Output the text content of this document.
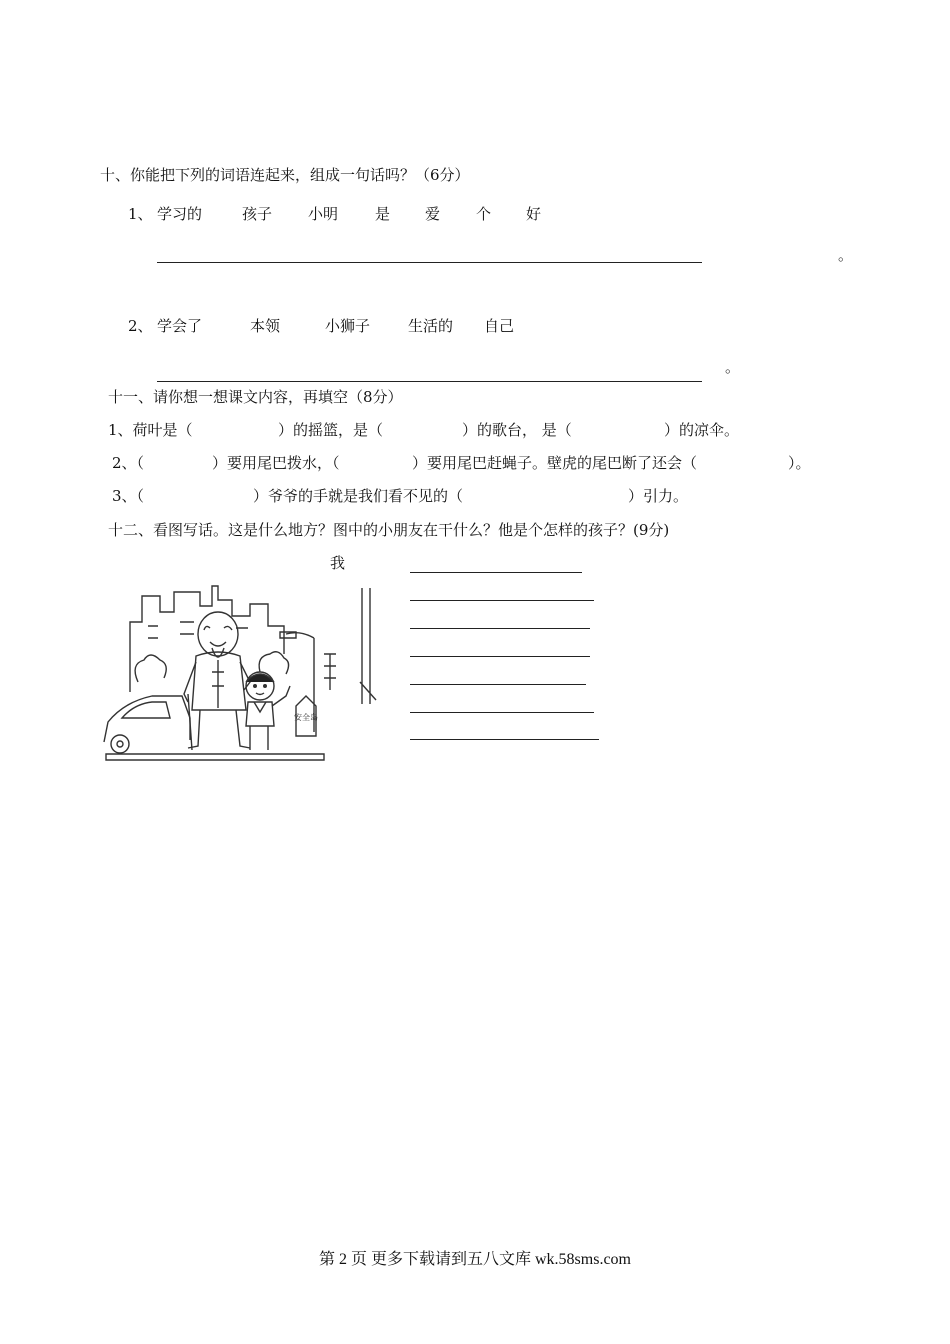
十、你能把下列的词语连起来，组成一句话吗？（6分）
1、 学习的	孩子 小明 是 爱 个 好
。
2、 学会了	本领	小狮子	生活的 自己
。
十一、请你想一想课文内容，再填空（8分）
1、荷叶是（	）的摇篮，是（	）的歌台， 是（	）的凉伞。
2、（	）要用尾巴拨水，（	）要用尾巴赶蝇子。壁虎的尾巴断了还会（	）。
3、（	）爷爷的手就是我们看不见的（	）引力。
十二、看图写话。这是什么地方？图中的小朋友在干什么？他是个怎样的孩子？(9分)
我
安全岛
第 2 页 更多下载请到五八文库 wk.58sms.com
